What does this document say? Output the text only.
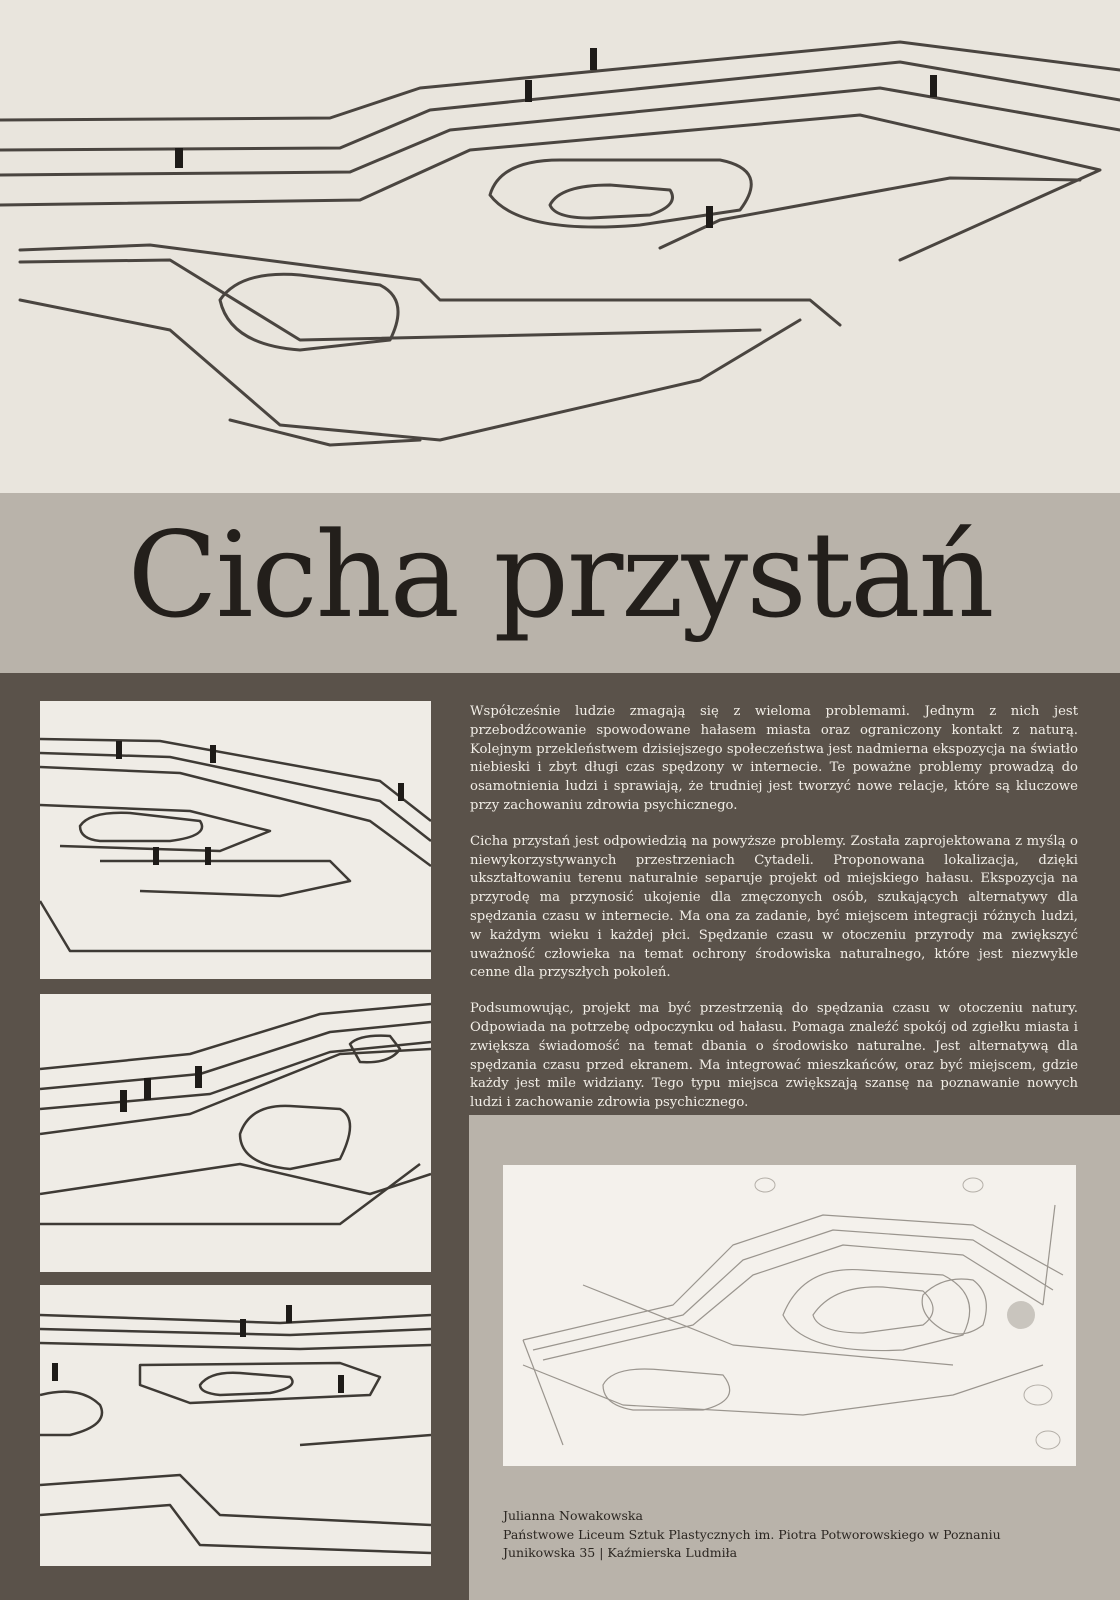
Cicha przystań

Współcześnie ludzie zmagają się z wieloma problemami. Jednym z nich jest przebodźcowanie spowodowane hałasem miasta oraz ograniczony kontakt z naturą. Kolejnym przekleństwem dzisiejszego społeczeństwa jest nadmierna ekspozycja na światło niebieski i zbyt długi czas spędzony w internecie. Te poważne problemy prowadzą do osamotnienia ludzi i sprawiają, że trudniej jest tworzyć nowe relacje, które są kluczowe przy zachowaniu zdrowia psychicznego.

Cicha przystań jest odpowiedzią na powyższe problemy. Została zaprojektowana z myślą o niewykorzystywanych przestrzeniach Cytadeli. Proponowana lokalizacja, dzięki ukształtowaniu terenu naturalnie separuje projekt od miejskiego hałasu. Ekspozycja na przyrodę ma przynosić ukojenie dla zmęczonych osób, szukających alternatywy dla spędzania czasu w internecie. Ma ona za zadanie, być miejscem integracji różnych ludzi, w każdym wieku i każdej płci. Spędzanie czasu w otoczeniu przyrody ma zwiększyć uważność człowieka na temat ochrony środowiska naturalnego, które jest niezwykle cenne dla przyszłych pokoleń.

Podsumowując, projekt ma być przestrzenią do spędzania czasu w otoczeniu natury. Odpowiada na potrzebę odpoczynku od hałasu. Pomaga znaleźć spokój od zgiełku miasta i zwiększa świadomość na temat dbania o środowisko naturalne. Jest alternatywą dla spędzania czasu przed ekranem. Ma integrować mieszkańców, oraz być miejscem, gdzie każdy jest mile widziany. Tego typu miejsca zwiększają szansę na poznawanie nowych ludzi i zachowanie zdrowia psychicznego.

Julianna Nowakowska
Państwowe Liceum Sztuk Plastycznych im. Piotra Potworowskiego w Poznaniu
Junikowska 35 | Kaźmierska Ludmiła
